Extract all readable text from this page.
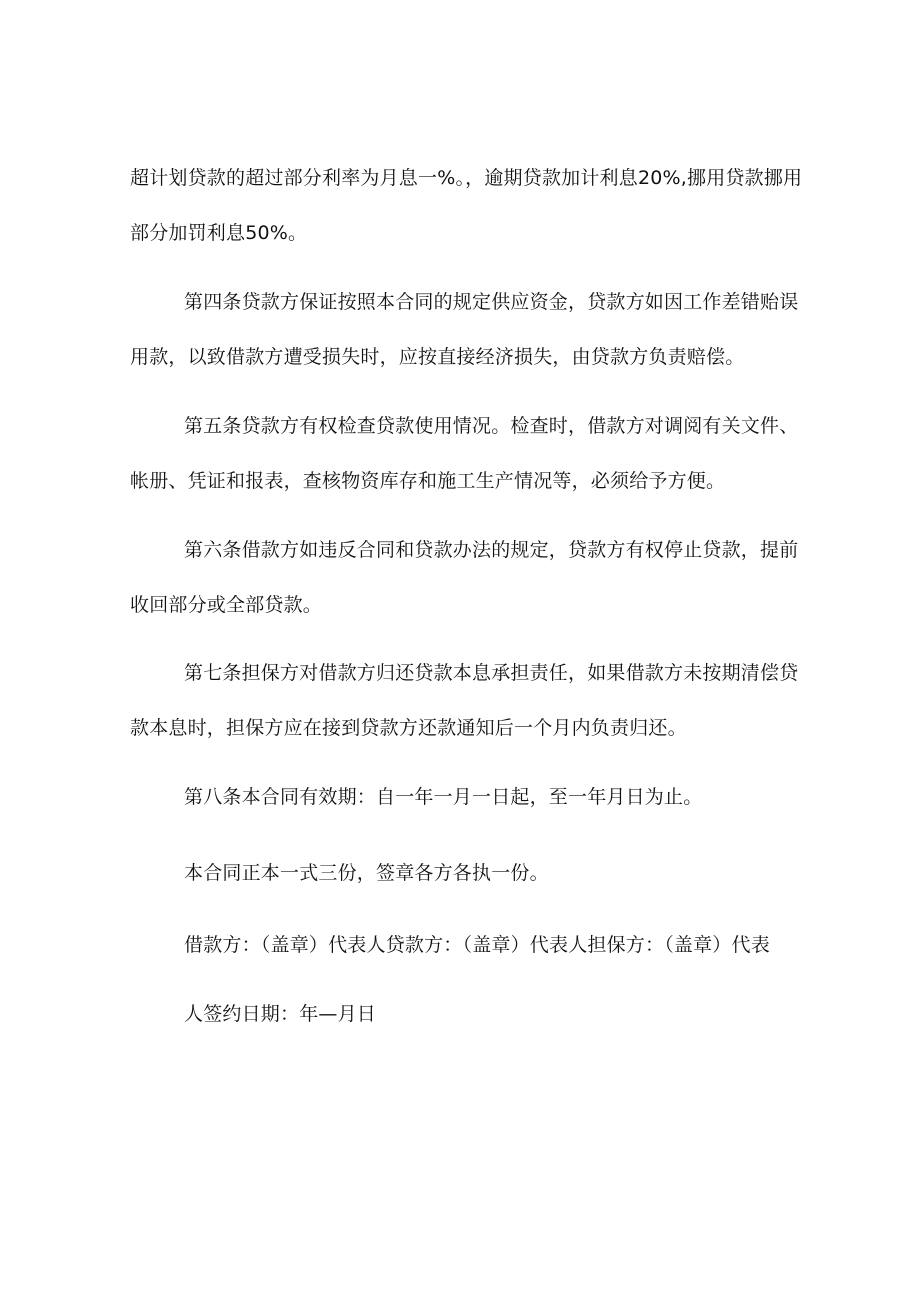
超计划贷款的超过部分利率为月息一%。，逾期贷款加计利息20%,挪用贷款挪用
部分加罚利息50%。
第四条贷款方保证按照本合同的规定供应资金，贷款方如因工作差错贻误
用款，以致借款方遭受损失时，应按直接经济损失，由贷款方负责赔偿。
第五条贷款方有权检查贷款使用情况。检查时，借款方对调阅有关文件、
帐册、凭证和报表，查核物资库存和施工生产情况等，必须给予方便。
第六条借款方如违反合同和贷款办法的规定，贷款方有权停止贷款，提前
收回部分或全部贷款。
第七条担保方对借款方归还贷款本息承担责任，如果借款方未按期清偿贷
款本息时，担保方应在接到贷款方还款通知后一个月内负责归还。
第八条本合同有效期：自一年一月一日起，至一年月日为止。
本合同正本一式三份，签章各方各执一份。
借款方：（盖章）代表人贷款方：（盖章）代表人担保方：（盖章）代表
人签约日期：年—月日
